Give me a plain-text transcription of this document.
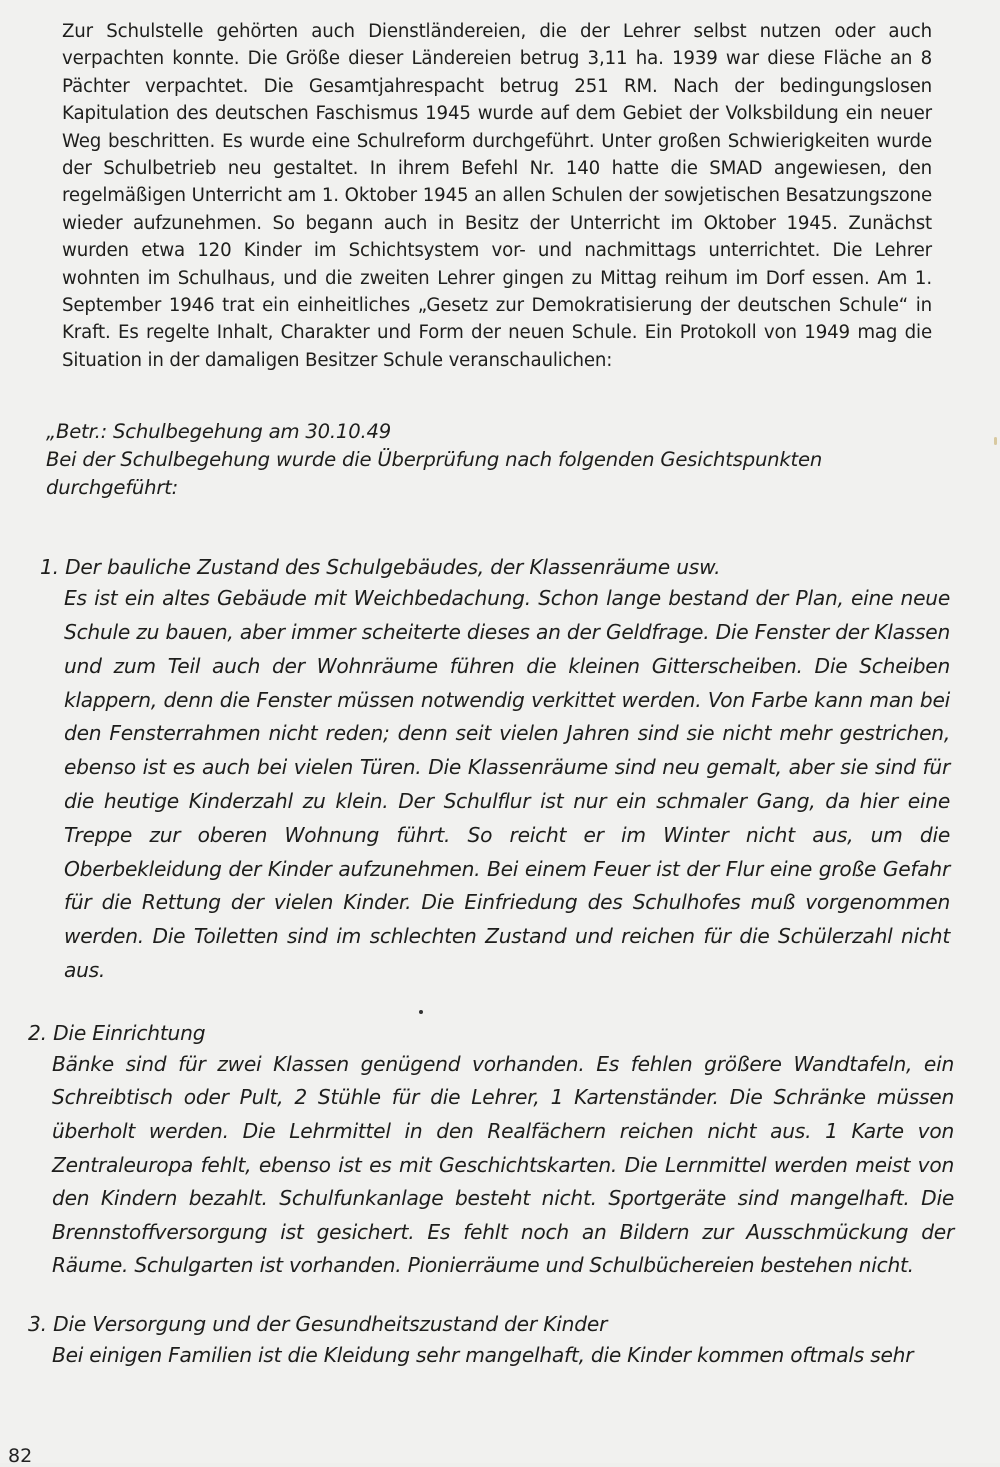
Zur Schulstelle gehörten auch Dienstländereien, die der Lehrer selbst nutzen oder auch verpachten konnte. Die Größe dieser Ländereien betrug 3,11 ha. 1939 war diese Fläche an 8 Pächter verpachtet. Die Gesamtjahrespacht betrug 251 RM. Nach der bedingungslosen Kapitulation des deutschen Faschismus 1945 wurde auf dem Gebiet der Volksbildung ein neuer Weg beschritten. Es wurde eine Schulreform durchgeführt. Unter großen Schwierigkeiten wurde der Schulbetrieb neu gestaltet. In ihrem Befehl Nr. 140 hatte die SMAD angewiesen, den regelmäßigen Unterricht am 1. Oktober 1945 an allen Schulen der sowjetischen Besatzungszone wieder aufzunehmen. So begann auch in Besitz der Unterricht im Oktober 1945. Zunächst wurden etwa 120 Kinder im Schichtsystem vor- und nachmittags unterrichtet. Die Lehrer wohnten im Schulhaus, und die zweiten Lehrer gingen zu Mittag reihum im Dorf essen. Am 1. September 1946 trat ein einheitliches „Gesetz zur Demokratisierung der deutschen Schule“ in Kraft. Es regelte Inhalt, Charakter und Form der neuen Schule. Ein Protokoll von 1949 mag die Situation in der damaligen Besitzer Schule veranschaulichen:

„Betr.: Schulbegehung am 30.10.49

Bei der Schulbegehung wurde die Überprüfung nach folgenden Gesichtspunkten durchgeführt:

1. Der bauliche Zustand des Schulgebäudes, der Klassenräume usw.

Es ist ein altes Gebäude mit Weichbedachung. Schon lange bestand der Plan, eine neue Schule zu bauen, aber immer scheiterte dieses an der Geldfrage. Die Fenster der Klassen und zum Teil auch der Wohnräume führen die kleinen Gitterscheiben. Die Scheiben klappern, denn die Fenster müssen notwendig verkittet werden. Von Farbe kann man bei den Fensterrahmen nicht reden; denn seit vielen Jahren sind sie nicht mehr gestrichen, ebenso ist es auch bei vielen Türen. Die Klassenräume sind neu gemalt, aber sie sind für die heutige Kinderzahl zu klein. Der Schulflur ist nur ein schmaler Gang, da hier eine Treppe zur oberen Wohnung führt. So reicht er im Winter nicht aus, um die Oberbekleidung der Kinder aufzunehmen. Bei einem Feuer ist der Flur eine große Gefahr für die Rettung der vielen Kinder. Die Einfriedung des Schulhofes muß vorgenommen werden. Die Toiletten sind im schlechten Zustand und reichen für die Schülerzahl nicht aus.

2. Die Einrichtung

Bänke sind für zwei Klassen genügend vorhanden. Es fehlen größere Wandtafeln, ein Schreibtisch oder Pult, 2 Stühle für die Lehrer, 1 Kartenständer. Die Schränke müssen überholt werden. Die Lehrmittel in den Realfächern reichen nicht aus. 1 Karte von Zentraleuropa fehlt, ebenso ist es mit Geschichtskarten. Die Lernmittel werden meist von den Kindern bezahlt. Schulfunkanlage besteht nicht. Sportgeräte sind mangelhaft. Die Brennstoffversorgung ist gesichert. Es fehlt noch an Bildern zur Ausschmückung der Räume. Schulgarten ist vorhanden. Pionierräume und Schulbüchereien bestehen nicht.

3. Die Versorgung und der Gesundheitszustand der Kinder

Bei einigen Familien ist die Kleidung sehr mangelhaft, die Kinder kommen oftmals sehr

82
